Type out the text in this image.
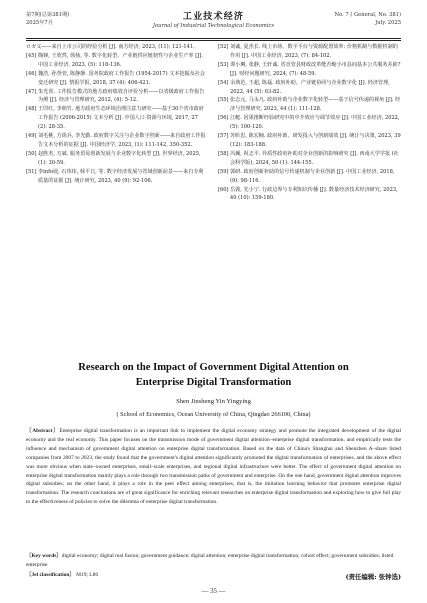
第7期(总第381期)
2025年7月
工业技术经济
Journal of Industrial Technological Economics
No. 7 ( General, No. 381)
July. 2025

ロガ义——来自上市公司的经验分析 [J]. 南方经济, 2023, (11): 121-141.

[45] 陶锋, 王欣然, 徐扬, 等. 数字化转型、产业链供应链韧性与企业生产率 [J]. 中国工业经济, 2023, (5): 118-136.

[46] 魏浩, 孙誉萱, 陈静静. 国务院政府工作报告 (1954-2017) 文本挖掘及社会变迁研究 [J]. 情报学报, 2018, 37 (4): 406-421.

[47] 朱光喜. 工作报告模式的地方政府绩效自评价分析——以省级政府工作报告为例 [J]. 经济与管理研究, 2012, (4): 5-12.

[48] 王印红, 李萌竹. 地方政府生态环境治理注意力研究——基于30个省市政府工作报告 (2006-2015) 文本分析 [J]. 中国人口·资源与环境, 2017, 27 (2): 28-35.

[49] 刘毛桃, 方徐兵, 李光勤. 政府数字关注与企业数字创新——来自政府工作报告文本分析的证据 [J]. 中国经济学, 2023, (1): 111-142, 350-352.

[50] 赵胜杰, 方斌. 服务贸易创新发展与企业数字化转型 [J]. 世界经济, 2025, (1): 30-59.

[51] 李info展, 石伟玮, 韩平日, 等. 数字经济发展与省域创新前景——来自专利质量的证据 [J]. 统计研究, 2023, 40 (9): 92-106.

[52] 刘诚, 夏杰长. 线上市场、数字平台与资源配置效率: 价格机制与数据机制的作用 [J]. 中国工业经济, 2023, (7): 84-102.

[53] 谭小琳, 张静, 王轩诚. 省直管县财政改革能否缩小市县间基本公共服务差距? [J]. 财经问题研究, 2024, (7): 48-59.

[54] 余典范, 王超, 陈磊. 政府补助、产业链协同与企业数字化 [J]. 经济管理, 2022, 44 (5): 63-82.

[55] 张志元, 马永凡. 政府补助与企业数字化转型——基于信号传递的视角 [J]. 经济与管理研究, 2023, 44 (1): 111-128.

[56] 江艇. 因果推断经验研究中的中介效应与调节效应 [J]. 中国工业经济, 2022, (5): 100-120.

[57] 苏昕思, 陈宏楠. 政府补助、研发投入与创新绩效 [J]. 统计与决策, 2023, 39 (12): 183-188.

[58] 冯珮, 祝志平. 异质性政府补助对企业创新的影响研究 [J]. 西南大学学报 (社会科学版), 2024, 50 (1): 144-155.

[59] 郭研. 政府创新补助的信号传递机制与企业创新 [J]. 中国工业经济, 2018, (9): 98-116.

[60] 岳義, 先小宁. 行政边界与专利知识传播 [J]. 数量经济技术经济研究, 2023, 40 (10): 159-180.

Research on the Impact of Government Digital Attention on
Enterprise Digital Transformation
Shen Jinsheng Yin Yingying
( School of Economics, Ocean University of China, Qingdao 266100, China)

〔Abstract〕Enterprise digital transformation is an important link to implement the digital economy strategy and promote the integrated development of the digital economy and the real economy. This paper focuses on the transmission mode of government digital attention–enterprise digital transformation, and empirically tests the influence and mechanism of government digital attention on enterprise digital transformation. Based on the data of China's Shanghai and Shenzhen A–share listed companies from 2007 to 2023, the study found that the government's digital attention significantly promoted the digital transformation of enterprises, and the above effect was more obvious when state–owned enterprises, small–scale enterprises, and regional digital infrastructure were better. The effect of government digital attention on enterprise digital transformation mainly plays a role through two transmission paths of government and enterprise. On the one hand, government digital attention improves digital subsidies; on the other hand, it plays a role in the peer effect among enterprises, that is, the imitation learning behavior that promotes enterprise digital transformation. The research conclusions are of great significance for enriching relevant researches on enterprise digital transformation and exploring how to give full play to the effectiveness of policies to solve the dilemma of enterprise digital transformation.

〔Key words〕digital economy; digital real fusion; government guidance; digital attention; enterprise digital transformation; cohort effect; government subsidies; listed enterprise

〔Jel classification〕 M19; L86	(责任编辑: 张钟选)
— 35 —
